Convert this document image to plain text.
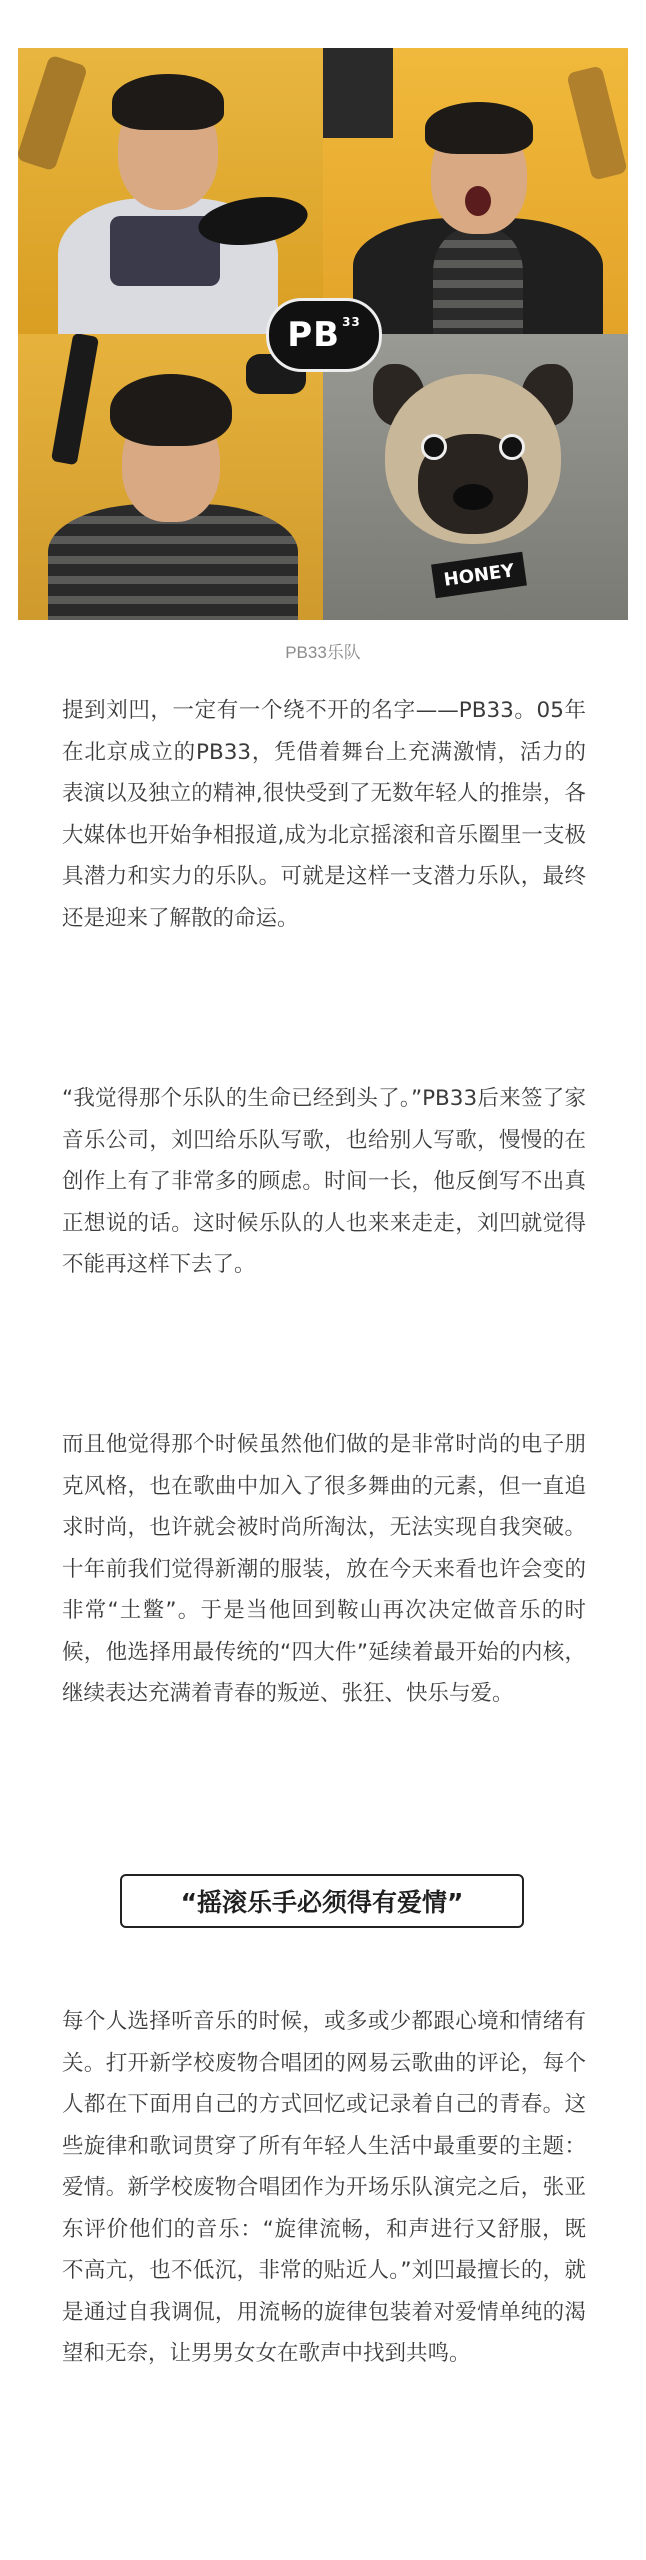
HONEY
PB 33
PB33乐队

提到刘凹，一定有一个绕不开的名字——PB33。05年在北京成立的PB33，凭借着舞台上充满激情，活力的表演以及独立的精神,很快受到了无数年轻人的推崇，各大媒体也开始争相报道,成为北京摇滚和音乐圈里一支极具潜力和实力的乐队。可就是这样一支潜力乐队，最终还是迎来了解散的命运。

“我觉得那个乐队的生命已经到头了。”PB33后来签了家音乐公司，刘凹给乐队写歌，也给别人写歌，慢慢的在创作上有了非常多的顾虑。时间一长，他反倒写不出真正想说的话。这时候乐队的人也来来走走，刘凹就觉得不能再这样下去了。

而且他觉得那个时候虽然他们做的是非常时尚的电子朋克风格，也在歌曲中加入了很多舞曲的元素，但一直追求时尚，也许就会被时尚所淘汰，无法实现自我突破。十年前我们觉得新潮的服装，放在今天来看也许会变的非常“土鳖”。于是当他回到鞍山再次决定做音乐的时候，他选择用最传统的“四大件”延续着最开始的内核，继续表达充满着青春的叛逆、张狂、快乐与爱。

“摇滚乐手必须得有爱情”

每个人选择听音乐的时候，或多或少都跟心境和情绪有关。打开新学校废物合唱团的网易云歌曲的评论，每个人都在下面用自己的方式回忆或记录着自己的青春。这些旋律和歌词贯穿了所有年轻人生活中最重要的主题：爱情。新学校废物合唱团作为开场乐队演完之后，张亚东评价他们的音乐：“旋律流畅，和声进行又舒服，既不高亢，也不低沉，非常的贴近人。”刘凹最擅长的，就是通过自我调侃，用流畅的旋律包装着对爱情单纯的渴望和无奈，让男男女女在歌声中找到共鸣。
